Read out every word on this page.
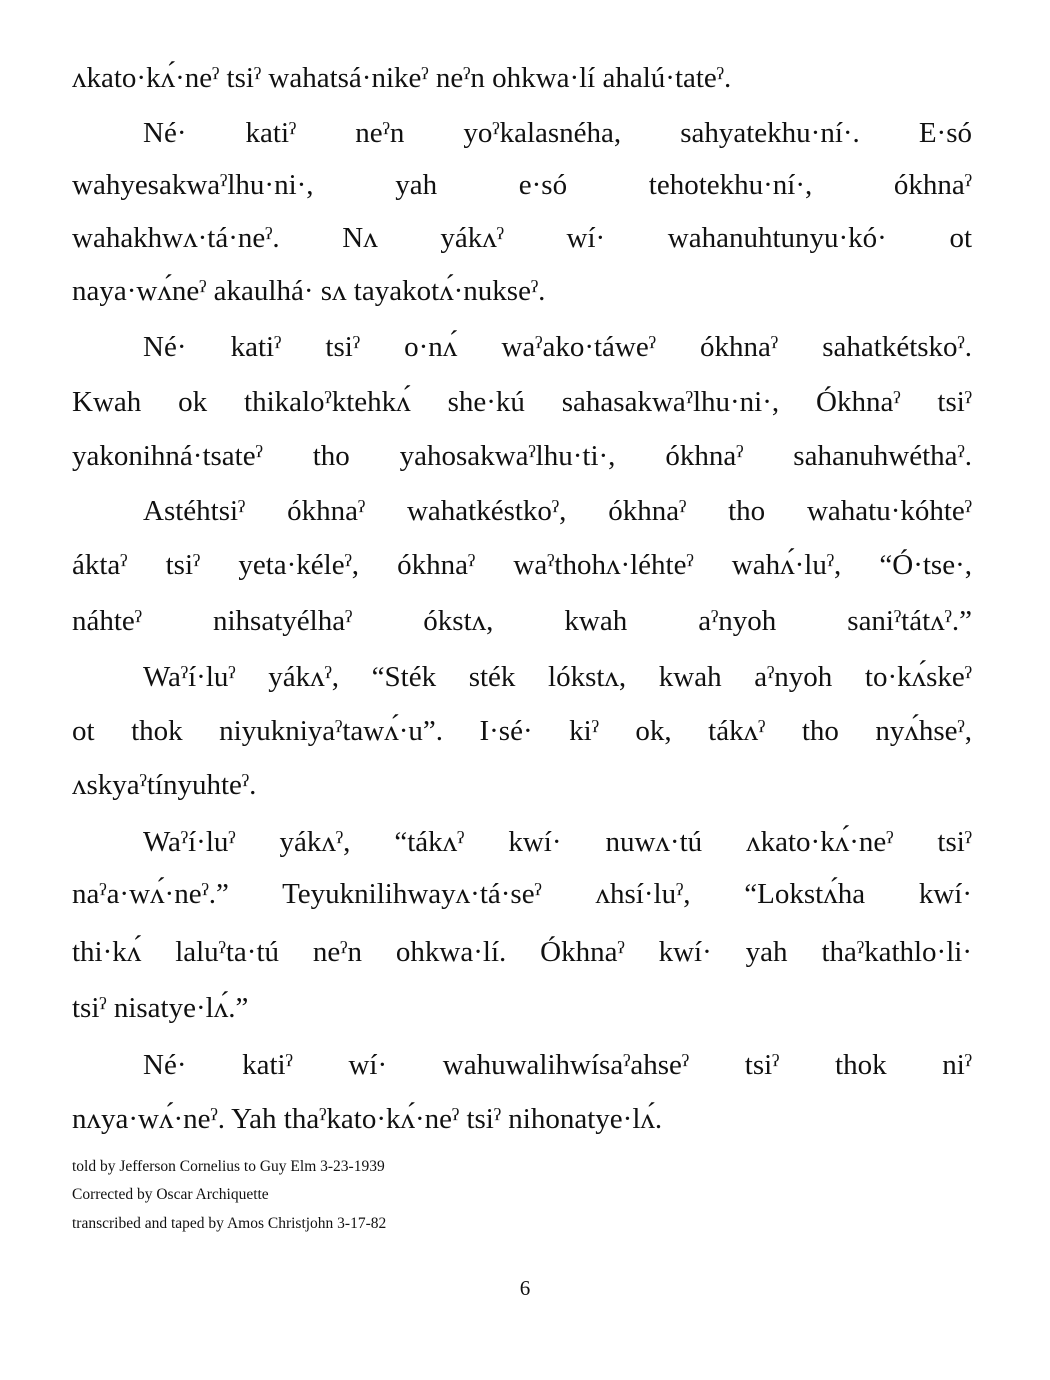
ʌkato·kʌ́·neˀ tsiˀ wahatsá·nikeˀ neˀn ohkwa·lí ahalú·tateˀ.
Né· katiˀ neˀn yoˀkalasnéha, sahyatekhu·ní·. E·só
wahyesakwaˀlhu·ni·, yah e·só tehotekhu·ní·, ókhnaˀ
wahakhwʌ·tá·neˀ. Nʌ yákʌˀ wí· wahanuhtunyu·kó· ot
naya·wʌ́neˀ akaulhá· sʌ tayakotʌ́·nukseˀ.
Né· katiˀ tsiˀ o·nʌ́ waˀako·táweˀ ókhnaˀ sahatkétskoˀ.
Kwah ok thikaloˀktehkʌ́ she·kú sahasakwaˀlhu·ni·, Ókhnaˀ tsiˀ
yakonihná·tsateˀ tho yahosakwaˀlhu·ti·, ókhnaˀ sahanuhwéthaˀ.
Astéhtsiˀ ókhnaˀ wahatkéstkoˀ, ókhnaˀ tho wahatu·kóhteˀ
áktaˀ tsiˀ yeta·kéleˀ, ókhnaˀ waˀthohʌ·léhteˀ wahʌ́·luˀ, “Ó·tse·,
náhteˀ nihsatyélhaˀ ókstʌ, kwah aˀnyoh saniˀtátʌˀ.”
Waˀí·luˀ yákʌˀ, “Sték sték lókstʌ, kwah aˀnyoh to·kʌ́skeˀ
ot thok niyukniyaˀtawʌ́·u”. I·sé· kiˀ ok, tákʌˀ tho nyʌ́hseˀ,
ʌskyaˀtínyuhteˀ.
Waˀí·luˀ yákʌˀ, “tákʌˀ kwí· nuwʌ·tú ʌkato·kʌ́·neˀ tsiˀ
naˀa·wʌ́·neˀ.” Teyuknilihwayʌ·tá·seˀ ʌhsí·luˀ, “Lokstʌ́ha kwí·
thi·kʌ́ laluˀta·tú neˀn ohkwa·lí. Ókhnaˀ kwí· yah thaˀkathlo·li·
tsiˀ nisatye·lʌ́.”
Né· katiˀ wí· wahuwalihwísaˀahseˀ tsiˀ thok niˀ
nʌya·wʌ́·neˀ. Yah thaˀkato·kʌ́·neˀ tsiˀ nihonatye·lʌ́.
told by Jefferson Cornelius to Guy Elm 3-23-1939
Corrected by Oscar Archiquette
transcribed and taped by Amos Christjohn 3-17-82
6
